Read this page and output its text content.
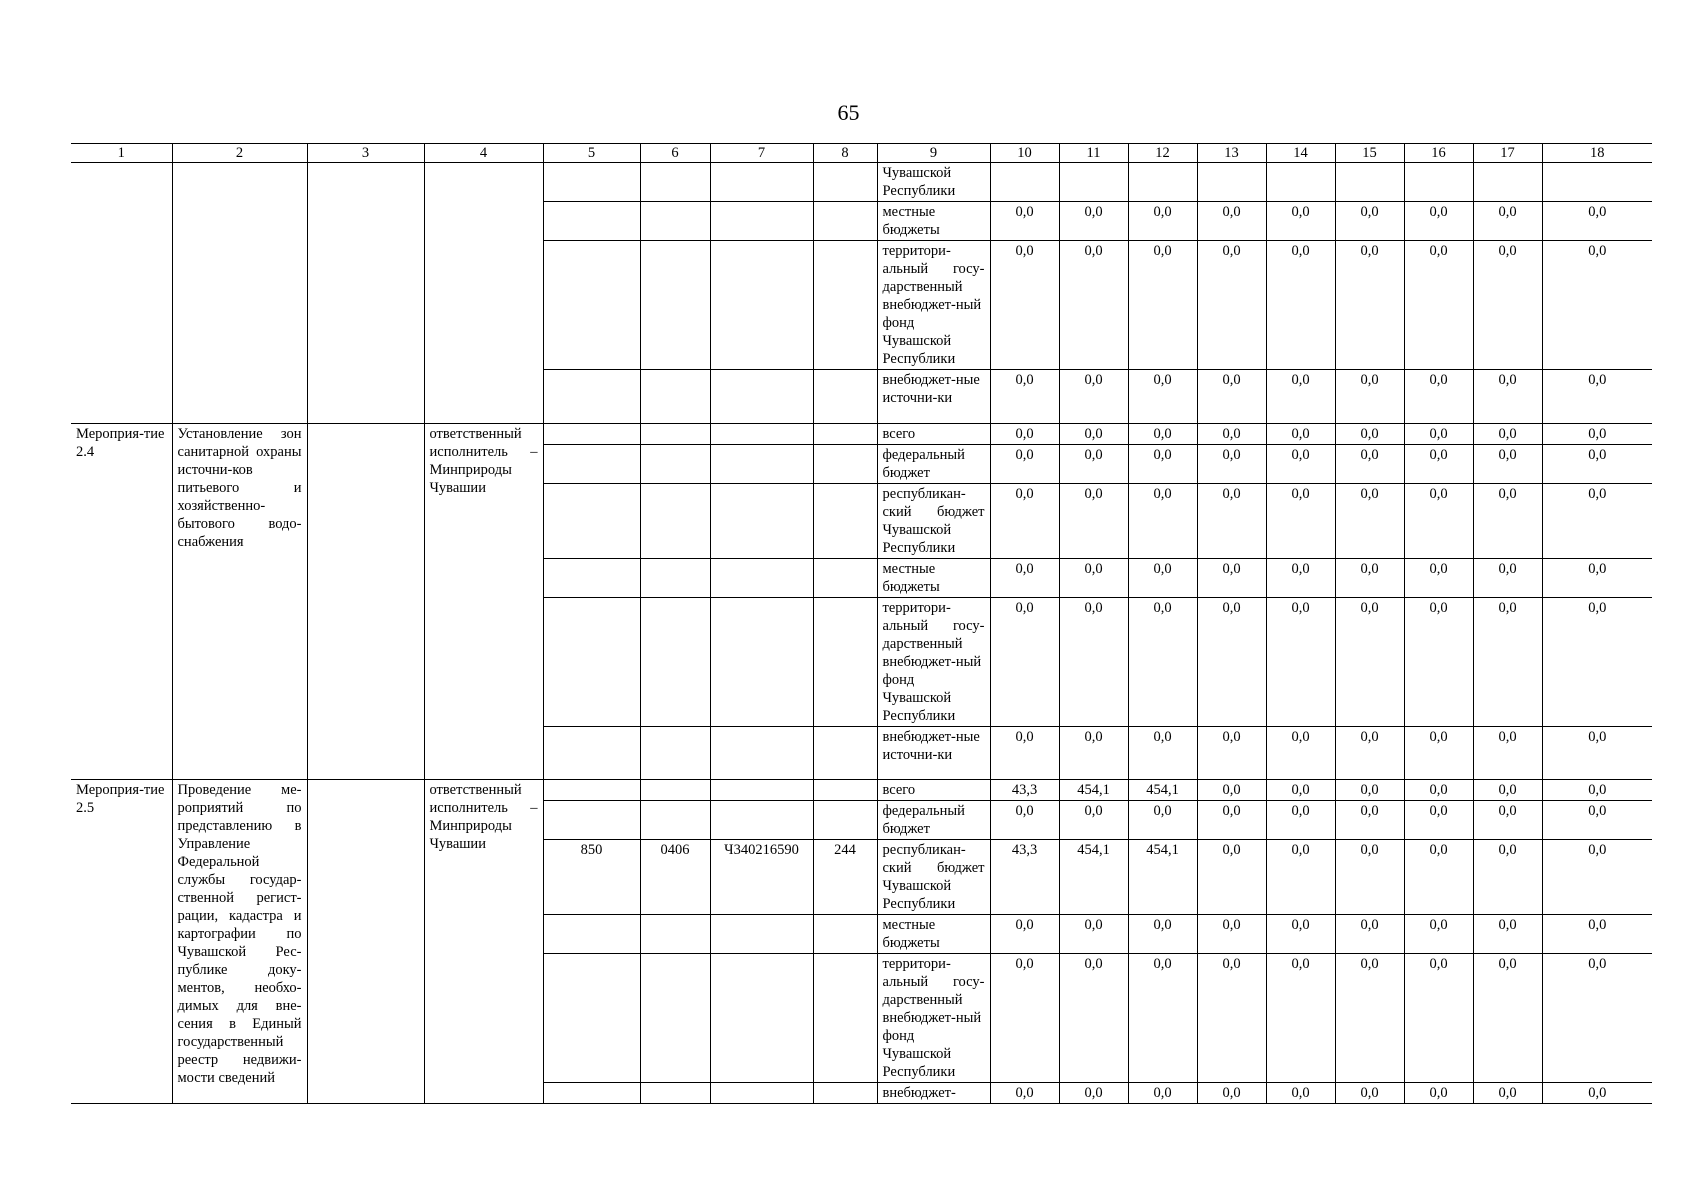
65
1	2	3	4	5	6	7	8	9	10	11	12	13	14	15	16	17	18
								Чувашской Республики									
								местные бюджеты	0,0	0,0	0,0	0,0	0,0	0,0	0,0	0,0	0,0
								территори-альный госу-дарственный внебюджет-ный фонд Чувашской Республики	0,0	0,0	0,0	0,0	0,0	0,0	0,0	0,0	0,0
								внебюджет-ные источни-ки	0,0	0,0	0,0	0,0	0,0	0,0	0,0	0,0	0,0
Мероприя-тие 2.4	Установление зон санитарной охраны источни-ков питьевого и хозяйственно-бытового водо-снабжения		ответственный исполнитель – Минприроды Чувашии					всего	0,0	0,0	0,0	0,0	0,0	0,0	0,0	0,0	0,0
								федеральный бюджет	0,0	0,0	0,0	0,0	0,0	0,0	0,0	0,0	0,0
								республикан-ский бюджет Чувашской Республики	0,0	0,0	0,0	0,0	0,0	0,0	0,0	0,0	0,0
								местные бюджеты	0,0	0,0	0,0	0,0	0,0	0,0	0,0	0,0	0,0
								территори-альный госу-дарственный внебюджет-ный фонд Чувашской Республики	0,0	0,0	0,0	0,0	0,0	0,0	0,0	0,0	0,0
								внебюджет-ные источни-ки	0,0	0,0	0,0	0,0	0,0	0,0	0,0	0,0	0,0
Мероприя-тие 2.5	Проведение ме-роприятий по представлению в Управление Федеральной службы государ-ственной регист-рации, кадастра и картографии по Чувашской Рес-публике доку-ментов, необхо-димых для вне-сения в Единый государственный реестр недвижи-мости сведений		ответственный исполнитель – Минприроды Чувашии					всего	43,3	454,1	454,1	0,0	0,0	0,0	0,0	0,0	0,0
								федеральный бюджет	0,0	0,0	0,0	0,0	0,0	0,0	0,0	0,0	0,0
				850	0406	Ч340216590	244	республикан-ский бюджет Чувашской Республики	43,3	454,1	454,1	0,0	0,0	0,0	0,0	0,0	0,0
								местные бюджеты	0,0	0,0	0,0	0,0	0,0	0,0	0,0	0,0	0,0
								территори-альный госу-дарственный внебюджет-ный фонд Чувашской Республики	0,0	0,0	0,0	0,0	0,0	0,0	0,0	0,0	0,0
								внебюджет-	0,0	0,0	0,0	0,0	0,0	0,0	0,0	0,0	0,0
